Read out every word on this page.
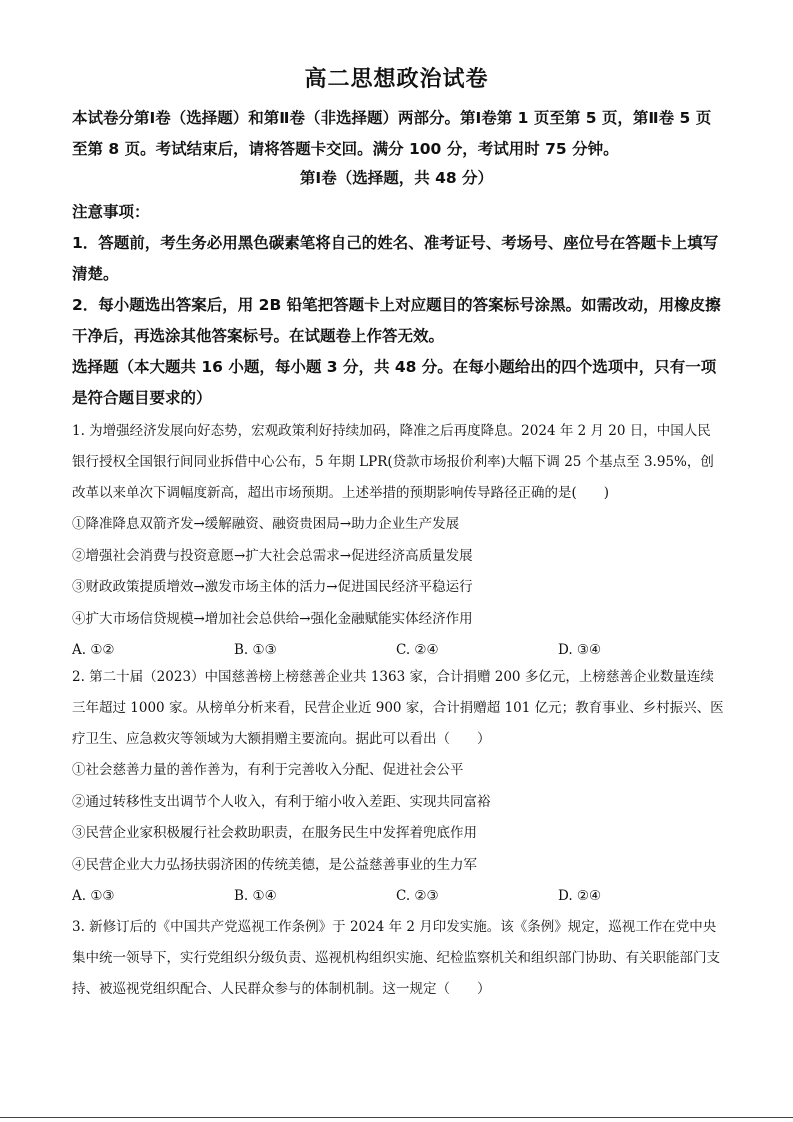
高二思想政治试卷
本试卷分第Ⅰ卷（选择题）和第Ⅱ卷（非选择题）两部分。第Ⅰ卷第 1 页至第 5 页，第Ⅱ卷 5 页至第 8 页。考试结束后，请将答题卡交回。满分 100 分，考试用时 75 分钟。
第Ⅰ卷（选择题，共 48 分）
注意事项：
1．答题前，考生务必用黑色碳素笔将自己的姓名、准考证号、考场号、座位号在答题卡上填写清楚。
2．每小题选出答案后，用 2B 铅笔把答题卡上对应题目的答案标号涂黑。如需改动，用橡皮擦干净后，再选涂其他答案标号。在试题卷上作答无效。
选择题（本大题共 16 小题，每小题 3 分，共 48 分。在每小题给出的四个选项中，只有一项是符合题目要求的）
1. 为增强经济发展向好态势，宏观政策利好持续加码，降准之后再度降息。2024 年 2 月 20 日，中国人民银行授权全国银行间同业拆借中心公布，5 年期 LPR(贷款市场报价利率)大幅下调 25 个基点至 3.95%，创改革以来单次下调幅度新高，超出市场预期。上述举措的预期影响传导路径正确的是(　　)
①降准降息双箭齐发→缓解融资、融资贵困局→助力企业生产发展
②增强社会消费与投资意愿→扩大社会总需求→促进经济高质量发展
③财政政策提质增效→激发市场主体的活力→促进国民经济平稳运行
④扩大市场信贷规模→增加社会总供给→强化金融赋能实体经济作用
A. ①②	B. ①③	C. ②④	D. ③④
2. 第二十届（2023）中国慈善榜上榜慈善企业共 1363 家，合计捐赠 200 多亿元，上榜慈善企业数量连续三年超过 1000 家。从榜单分析来看，民营企业近 900 家，合计捐赠超 101 亿元；教育事业、乡村振兴、医疗卫生、应急救灾等领域为大额捐赠主要流向。据此可以看出（　　）
①社会慈善力量的善作善为，有利于完善收入分配、促进社会公平
②通过转移性支出调节个人收入，有利于缩小收入差距、实现共同富裕
③民营企业家积极履行社会救助职责，在服务民生中发挥着兜底作用
④民营企业大力弘扬扶弱济困的传统美德，是公益慈善事业的生力军
A. ①③	B. ①④	C. ②③	D. ②④
3. 新修订后的《中国共产党巡视工作条例》于 2024 年 2 月印发实施。该《条例》规定，巡视工作在党中央集中统一领导下，实行党组织分级负责、巡视机构组织实施、纪检监察机关和组织部门协助、有关职能部门支持、被巡视党组织配合、人民群众参与的体制机制。这一规定（　　）
